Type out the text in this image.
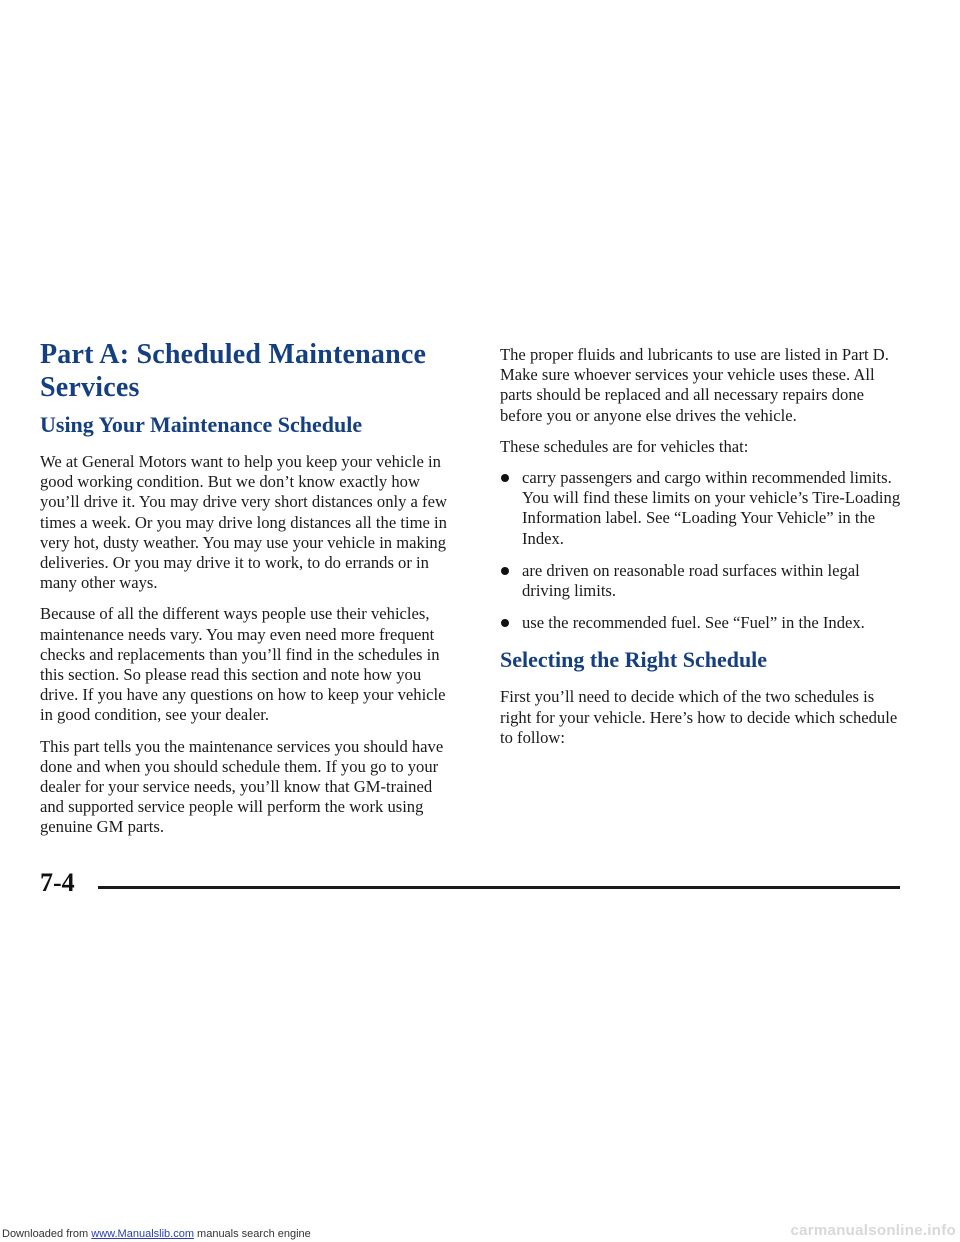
Part A: Scheduled Maintenance Services
Using Your Maintenance Schedule

We at General Motors want to help you keep your vehicle in good working condition. But we don’t know exactly how you’ll drive it. You may drive very short distances only a few times a week. Or you may drive long distances all the time in very hot, dusty weather. You may use your vehicle in making deliveries. Or you may drive it to work, to do errands or in many other ways.

Because of all the different ways people use their vehicles, maintenance needs vary. You may even need more frequent checks and replacements than you’ll find in the schedules in this section. So please read this section and note how you drive. If you have any questions on how to keep your vehicle in good condition, see your dealer.

This part tells you the maintenance services you should have done and when you should schedule them. If you go to your dealer for your service needs, you’ll know that GM-trained and supported service people will perform the work using genuine GM parts.

The proper fluids and lubricants to use are listed in Part D. Make sure whoever services your vehicle uses these. All parts should be replaced and all necessary repairs done before you or anyone else drives the vehicle.

These schedules are for vehicles that:

carry passengers and cargo within recommended limits. You will find these limits on your vehicle’s Tire-Loading Information label. See “Loading Your Vehicle” in the Index.
are driven on reasonable road surfaces within legal driving limits.
use the recommended fuel. See “Fuel” in the Index.
Selecting the Right Schedule

First you’ll need to decide which of the two schedules is right for your vehicle. Here’s how to decide which schedule to follow:

7-4
Downloaded from www.Manualslib.com manuals search engine	carmanualsonline.info
